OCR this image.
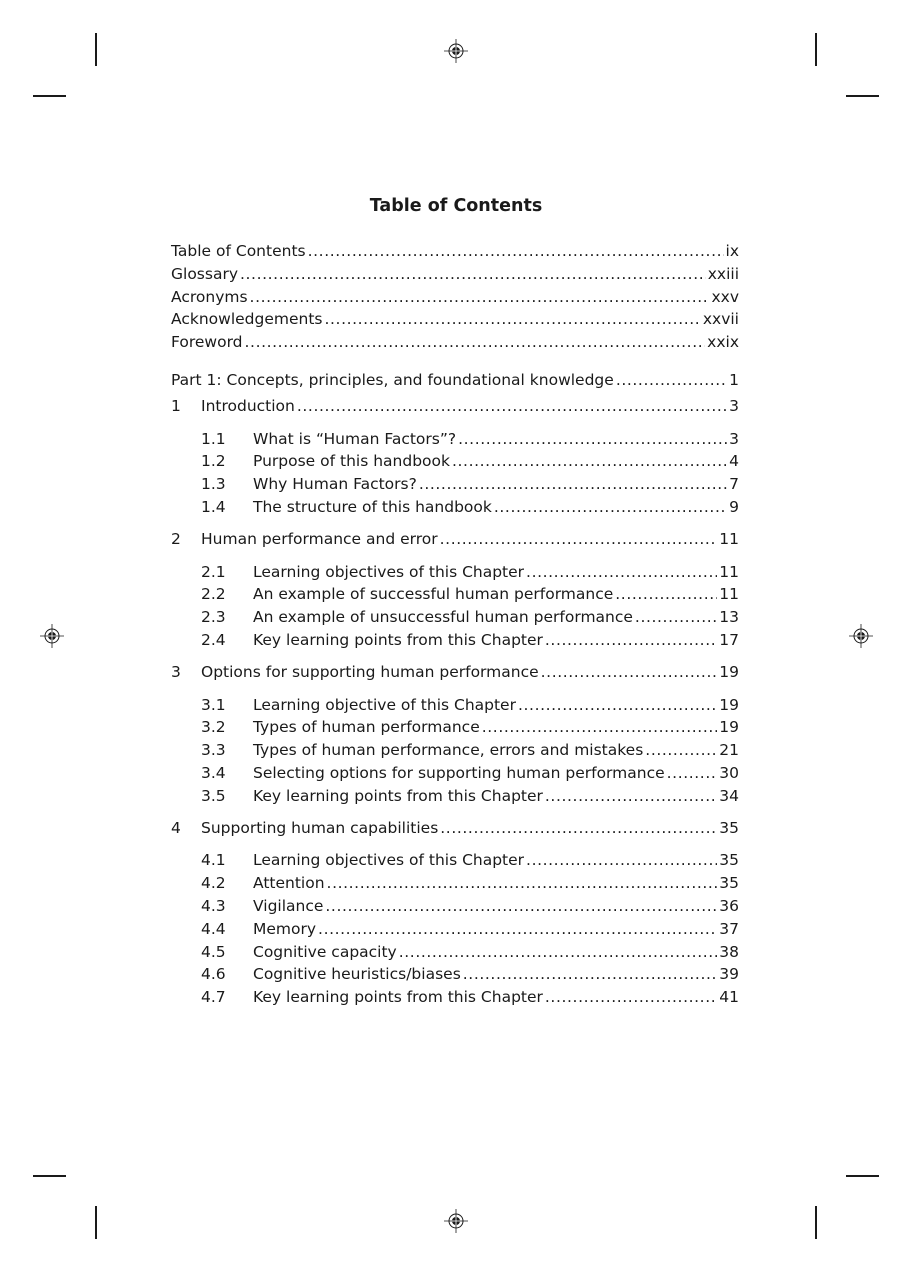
Table of Contents
Table of Contents .....	ix
Glossary .....	xxiii
Acronyms .....	xxv
Acknowledgements .....	xxvii
Foreword .....	xxix
Part 1: Concepts, principles, and foundational knowledge .....	1
1	Introduction .....	3
1.1	What is “Human Factors”? .....	3
1.2	Purpose of this handbook .....	4
1.3	Why Human Factors? .....	7
1.4	The structure of this handbook .....	9
2	Human performance and error .....	11
2.1	Learning objectives of this Chapter .....	11
2.2	An example of successful human performance .....	11
2.3	An example of unsuccessful human performance .....	13
2.4	Key learning points from this Chapter .....	17
3	Options for supporting human performance .....	19
3.1	Learning objective of this Chapter .....	19
3.2	Types of human performance .....	19
3.3	Types of human performance, errors and mistakes .....	21
3.4	Selecting options for supporting human performance .....	30
3.5	Key learning points from this Chapter .....	34
4	Supporting human capabilities .....	35
4.1	Learning objectives of this Chapter .....	35
4.2	Attention .....	35
4.3	Vigilance .....	36
4.4	Memory .....	37
4.5	Cognitive capacity .....	38
4.6	Cognitive heuristics/biases .....	39
4.7	Key learning points from this Chapter .....	41
